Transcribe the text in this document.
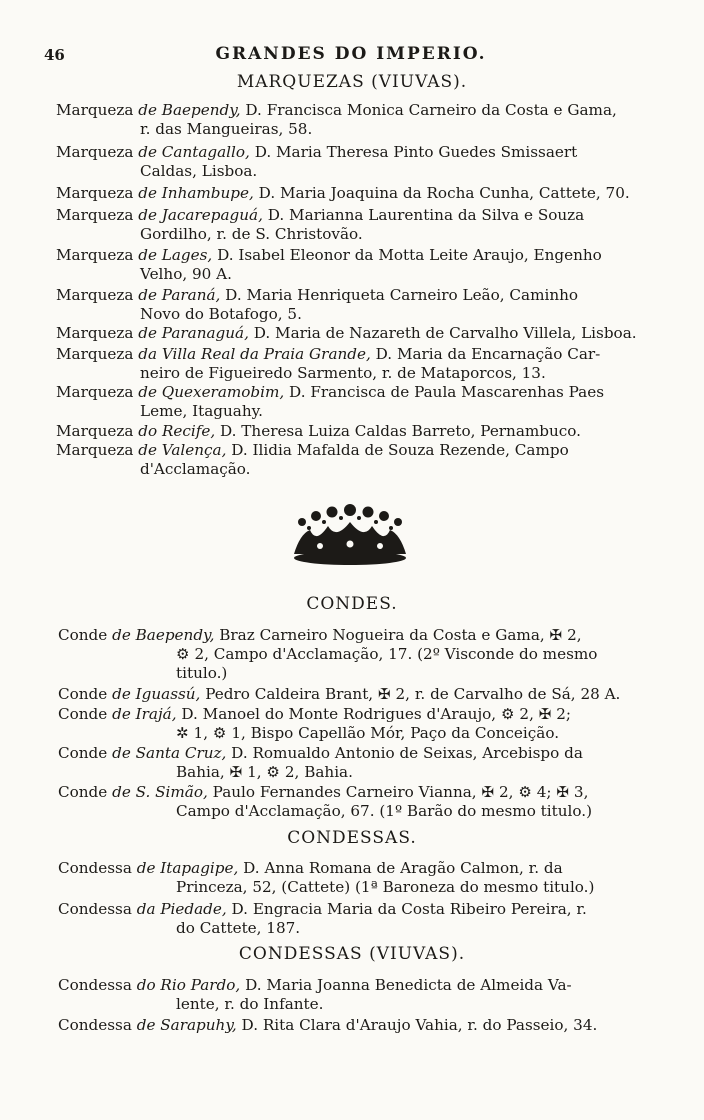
46	GRANDES DO IMPERIO.
MARQUEZAS (VIUVAS).
Marqueza de Baependy, D. Francisca Monica Carneiro da Costa e Gama,
r. das Mangueiras, 58.
Marqueza de Cantagallo, D. Maria Theresa Pinto Guedes Smissaert
Caldas, Lisboa.
Marqueza de Inhambupe, D. Maria Joaquina da Rocha Cunha, Cattete, 70.
Marqueza de Jacarepaguá, D. Marianna Laurentina da Silva e Souza
Gordilho, r. de S. Christovão.
Marqueza de Lages, D. Isabel Eleonor da Motta Leite Araujo, Engenho
Velho, 90 A.
Marqueza de Paraná, D. Maria Henriqueta Carneiro Leão, Caminho
Novo do Botafogo, 5.
Marqueza de Paranaguá, D. Maria de Nazareth de Carvalho Villela, Lisboa.
Marqueza da Villa Real da Praia Grande, D. Maria da Encarnação Car-
neiro de Figueiredo Sarmento, r. de Mataporcos, 13.
Marqueza de Quexeramobim, D. Francisca de Paula Mascarenhas Paes
Leme, Itaguahy.
Marqueza do Recife, D. Theresa Luiza Caldas Barreto, Pernambuco.
Marqueza de Valença, D. Ilidia Mafalda de Souza Rezende, Campo
d'Acclamação.
CONDES.
Conde de Baependy, Braz Carneiro Nogueira da Costa e Gama, ✠ 2,
⚙ 2, Campo d'Acclamação, 17. (2º Visconde do mesmo
titulo.)
Conde de Iguassú, Pedro Caldeira Brant, ✠ 2, r. de Carvalho de Sá, 28 A.
Conde de Irajá, D. Manoel do Monte Rodrigues d'Araujo, ⚙ 2, ✠ 2;
✲ 1, ⚙ 1, Bispo Capellão Mór, Paço da Conceição.
Conde de Santa Cruz, D. Romualdo Antonio de Seixas, Arcebispo da
Bahia, ✠ 1, ⚙ 2, Bahia.
Conde de S. Simão, Paulo Fernandes Carneiro Vianna, ✠ 2, ⚙ 4; ✠ 3,
Campo d'Acclamação, 67. (1º Barão do mesmo titulo.)
CONDESSAS.
Condessa de Itapagipe, D. Anna Romana de Aragão Calmon, r. da
Princeza, 52, (Cattete) (1ª Baroneza do mesmo titulo.)
Condessa da Piedade, D. Engracia Maria da Costa Ribeiro Pereira, r.
do Cattete, 187.
CONDESSAS (VIUVAS).
Condessa do Rio Pardo, D. Maria Joanna Benedicta de Almeida Va-
lente, r. do Infante.
Condessa de Sarapuhy, D. Rita Clara d'Araujo Vahia, r. do Passeio, 34.
